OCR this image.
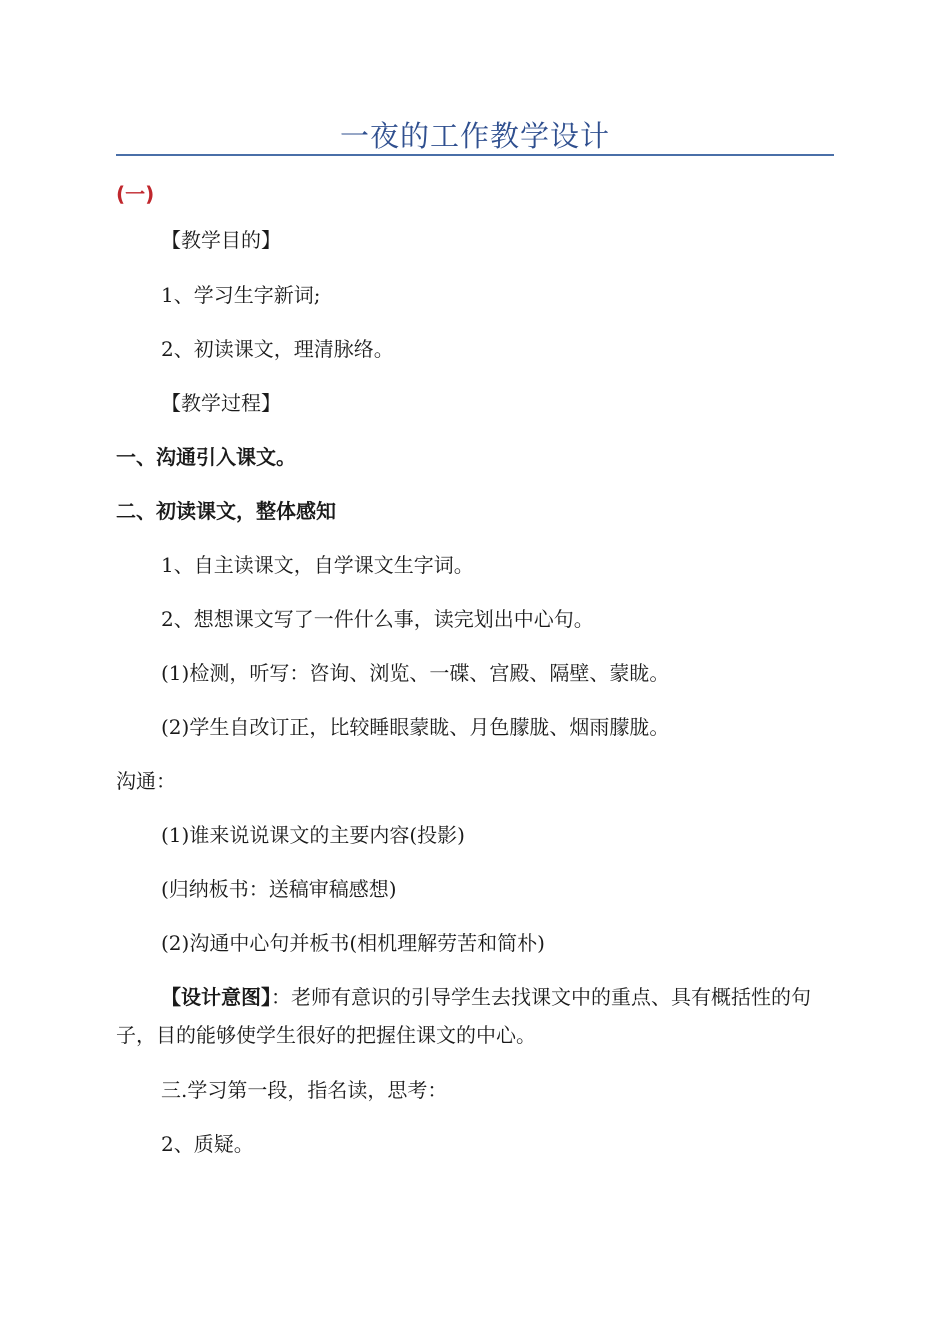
一夜的工作教学设计
(一)
【教学目的】
1、学习生字新词;
2、初读课文，理清脉络。
【教学过程】
一、沟通引入课文。
二、初读课文，整体感知
1、自主读课文，自学课文生字词。
2、想想课文写了一件什么事，读完划出中心句。
(1)检测，听写：咨询、浏览、一碟、宫殿、隔壁、蒙眬。
(2)学生自改订正，比较睡眼蒙眬、月色朦胧、烟雨朦胧。
沟通：
(1)谁来说说课文的主要内容(投影)
(归纳板书：送稿审稿感想)
(2)沟通中心句并板书(相机理解劳苦和简朴)
【设计意图】：老师有意识的引导学生去找课文中的重点、具有概括性的句子，目的能够使学生很好的把握住课文的中心。
三.学习第一段，指名读，思考：
2、质疑。
